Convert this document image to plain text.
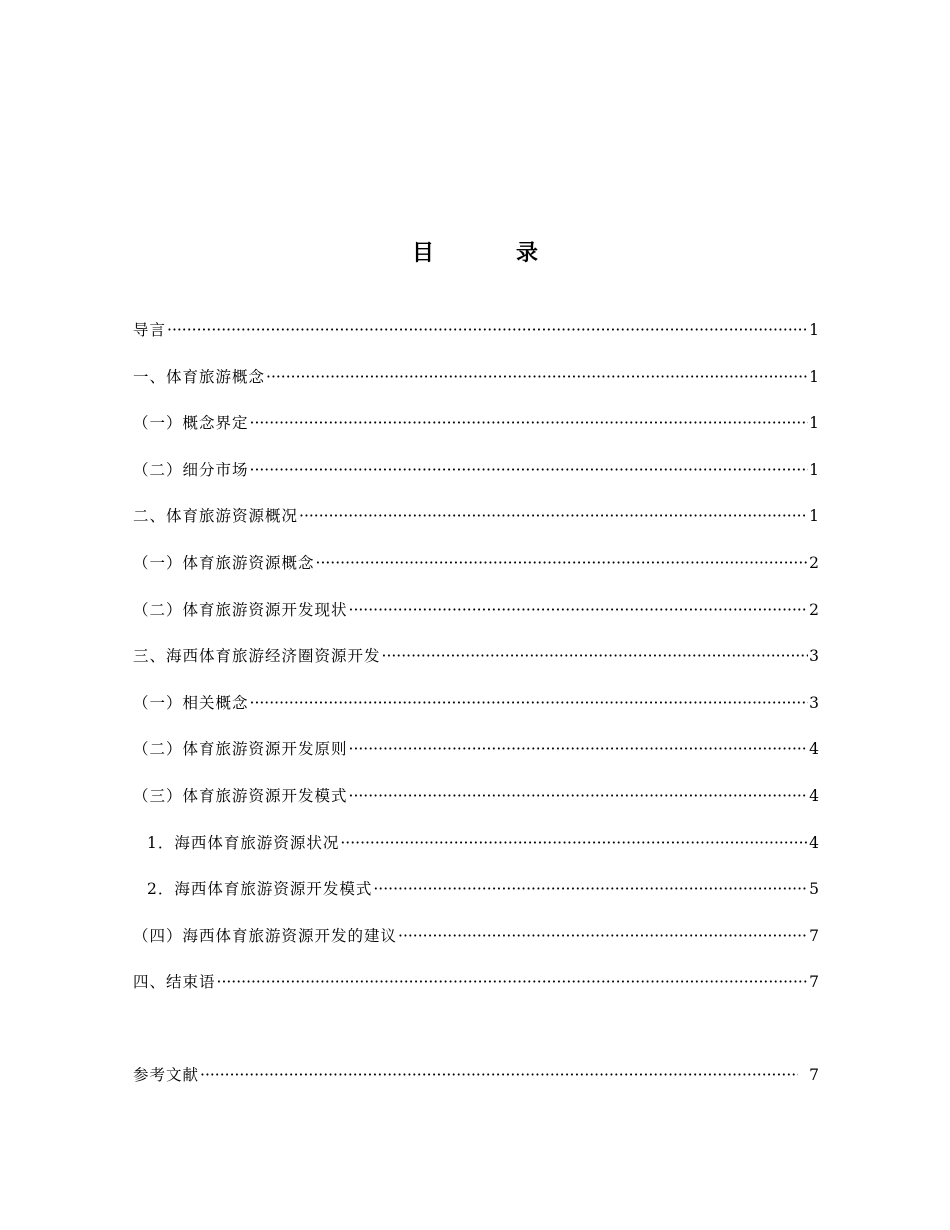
目　录
导言 ·····	1
一、体育旅游概念 ·····	1
（一）概念界定 ·····	1
（二）细分市场 ·····	1
二、体育旅游资源概况 ·····	1
（一）体育旅游资源概念 ·····	2
（二）体育旅游资源开发现状 ·····	2
三、海西体育旅游经济圈资源开发 ·····	3
（一）相关概念 ·····	3
（二）体育旅游资源开发原则 ·····	4
（三）体育旅游资源开发模式 ·····	4
1．海西体育旅游资源状况 ·····	4
2．海西体育旅游资源开发模式 ·····	5
（四）海西体育旅游资源开发的建议 ·····	7
四、结束语 ·····	7
参考文献 ·····	7
